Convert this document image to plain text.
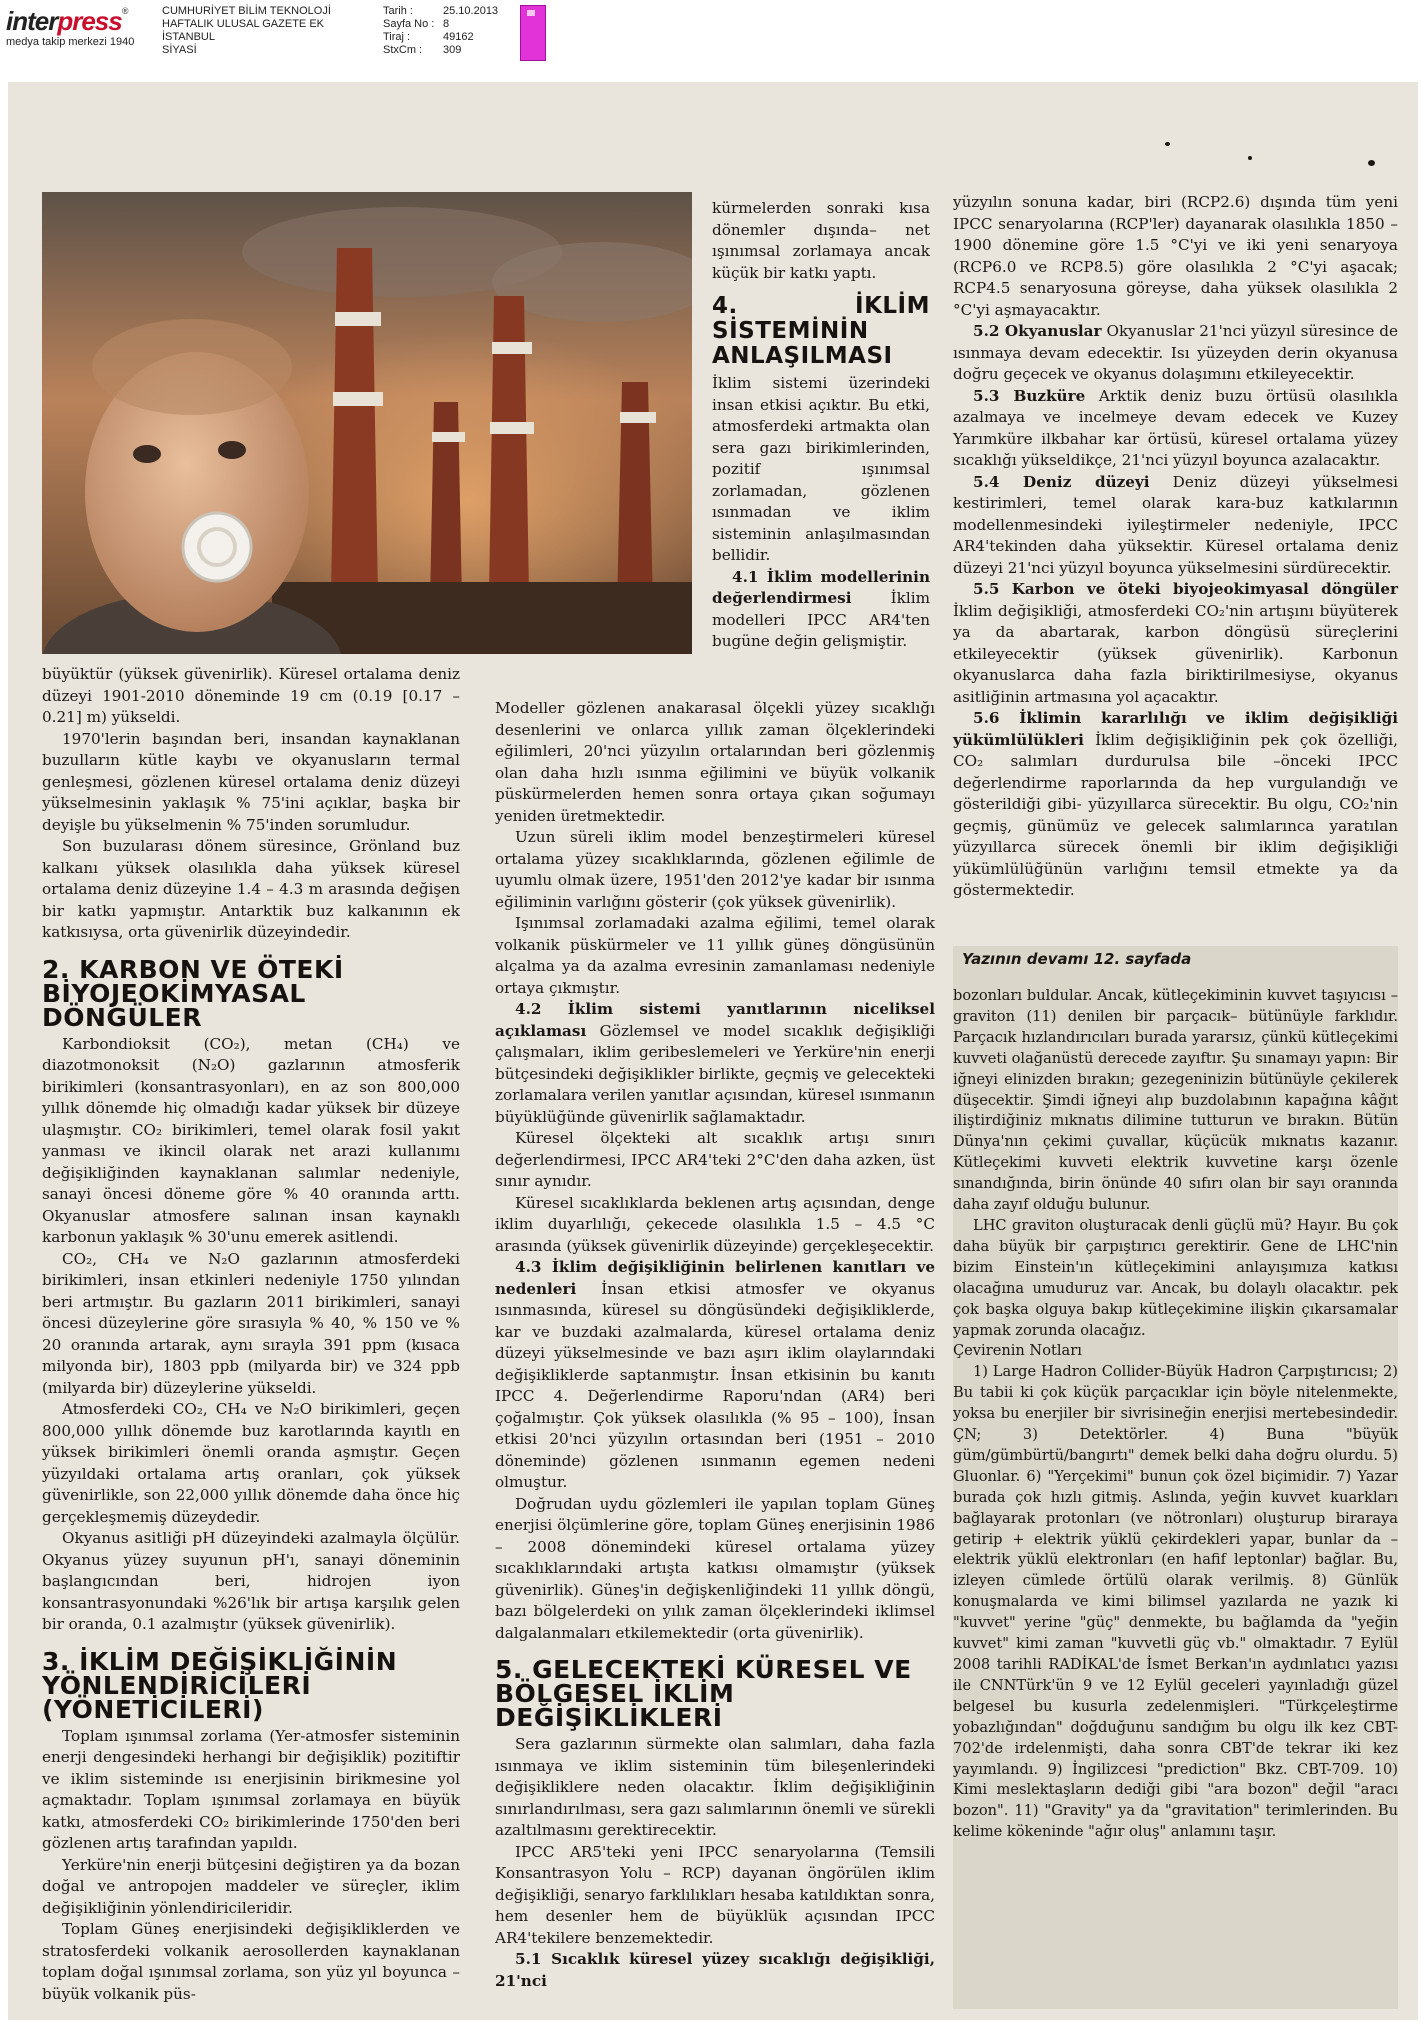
interpress®
medya takip merkezi 1940
CUMHURİYET BİLİM TEKNOLOJİ
HAFTALIK ULUSAL GAZETE EK
İSTANBUL
SİYASİ
Tarih :
Sayfa No :
Tiraj :
StxCm :
25.10.2013
8
49162
309

büyüktür (yüksek güvenirlik). Küresel ortalama deniz düzeyi 1901-2010 döneminde 19 cm (0.19 [0.17 – 0.21] m) yükseldi.

1970'lerin başından beri, insandan kaynaklanan buzulların kütle kaybı ve okyanusların termal genleşmesi, gözlenen küresel ortalama deniz düzeyi yükselmesinin yaklaşık % 75'ini açıklar, başka bir deyişle bu yükselmenin % 75'inden sorumludur.

Son buzularası dönem süresince, Grönland buz kalkanı yüksek olasılıkla daha yüksek küresel ortalama deniz düzeyine 1.4 – 4.3 m arasında değişen bir katkı yapmıştır. Antarktik buz kalkanının ek katkısıysa, orta güvenirlik düzeyindedir.

2. KARBON VE ÖTEKİ BİYOJEOKİMYASAL DÖNGÜLER

Karbondioksit (CO₂), metan (CH₄) ve diazotmonoksit (N₂O) gazlarının atmosferik birikimleri (konsantrasyonları), en az son 800,000 yıllık dönemde hiç olmadığı kadar yüksek bir düzeye ulaşmıştır. CO₂ birikimleri, temel olarak fosil yakıt yanması ve ikincil olarak net arazi kullanımı değişikliğinden kaynaklanan salımlar nedeniyle, sanayi öncesi döneme göre % 40 oranında arttı. Okyanuslar atmosfere salınan insan kaynaklı karbonun yaklaşık % 30'unu emerek asitlendi.

CO₂, CH₄ ve N₂O gazlarının atmosferdeki birikimleri, insan etkinleri nedeniyle 1750 yılından beri artmıştır. Bu gazların 2011 birikimleri, sanayi öncesi düzeylerine göre sırasıyla % 40, % 150 ve % 20 oranında artarak, aynı sırayla 391 ppm (kısaca milyonda bir), 1803 ppb (milyarda bir) ve 324 ppb (milyarda bir) düzeylerine yükseldi.

Atmosferdeki CO₂, CH₄ ve N₂O birikimleri, geçen 800,000 yıllık dönemde buz karotlarında kayıtlı en yüksek birikimleri önemli oranda aşmıştır. Geçen yüzyıldaki ortalama artış oranları, çok yüksek güvenirlikle, son 22,000 yıllık dönemde daha önce hiç gerçekleşmemiş düzeydedir.

Okyanus asitliği pH düzeyindeki azalmayla ölçülür. Okyanus yüzey suyunun pH'ı, sanayi döneminin başlangıcından beri, hidrojen iyon konsantrasyonundaki %26'lık bir artışa karşılık gelen bir oranda, 0.1 azalmıştır (yüksek güvenirlik).

3. İKLİM DEĞİŞİKLİĞİNİN YÖNLENDİRİCİLERİ (YÖNETİCİLERİ)

Toplam ışınımsal zorlama (Yer-atmosfer sisteminin enerji dengesindeki herhangi bir değişiklik) pozitiftir ve iklim sisteminde ısı enerjisinin birikmesine yol açmaktadır. Toplam ışınımsal zorlamaya en büyük katkı, atmosferdeki CO₂ birikimlerinde 1750'den beri gözlenen artış tarafından yapıldı.

Yerküre'nin enerji bütçesini değiştiren ya da bozan doğal ve antropojen maddeler ve süreçler, iklim değişikliğinin yönlendiricileridir.

Toplam Güneş enerjisindeki değişikliklerden ve stratosferdeki volkanik aerosollerden kaynaklanan toplam doğal ışınımsal zorlama, son yüz yıl boyunca –büyük volkanik püs-

kürmelerden sonraki kısa dönemler dışında– net ışınımsal zorlamaya ancak küçük bir katkı yaptı.

4. İKLİM SİSTEMİNİN ANLAŞILMASI

İklim sistemi üzerindeki insan etkisi açıktır. Bu etki, atmosferdeki artmakta olan sera gazı birikimlerinden, pozitif ışınımsal zorlamadan, gözlenen ısınmadan ve iklim sisteminin anlaşılmasından bellidir.

4.1 İklim modellerinin değerlendirmesi	İklim modelleri IPCC AR4'ten bugüne değin gelişmiştir.

Modeller gözlenen anakarasal ölçekli yüzey sıcaklığı desenlerini ve onlarca yıllık zaman ölçeklerindeki eğilimleri, 20'nci yüzyılın ortalarından beri gözlenmiş olan daha hızlı ısınma eğilimini ve büyük volkanik püskürmelerden hemen sonra ortaya çıkan soğumayı yeniden üretmektedir.

Uzun süreli iklim model benzeştirmeleri küresel ortalama yüzey sıcaklıklarında, gözlenen eğilimle de uyumlu olmak üzere, 1951'den 2012'ye kadar bir ısınma eğiliminin varlığını gösterir (çok yüksek güvenirlik).

Işınımsal zorlamadaki azalma eğilimi, temel olarak volkanik püskürmeler ve 11 yıllık güneş döngüsünün alçalma ya da azalma evresinin zamanlaması nedeniyle ortaya çıkmıştır.

4.2 İklim sistemi yanıtlarının niceliksel açıklaması Gözlemsel ve model sıcaklık değişikliği çalışmaları, iklim geribeslemeleri ve Yerküre'nin enerji bütçesindeki değişiklikler birlikte, geçmiş ve gelecekteki zorlamalara verilen yanıtlar açısından, küresel ısınmanın büyüklüğünde güvenirlik sağlamaktadır.

Küresel ölçekteki alt sıcaklık artışı sınırı değerlendirmesi, IPCC AR4'teki 2°C'den daha azken, üst sınır aynıdır.

Küresel sıcaklıklarda beklenen artış açısından, denge iklim duyarlılığı, çekecede olasılıkla 1.5 – 4.5 °C arasında (yüksek güvenirlik düzeyinde) gerçekleşecektir.

4.3 İklim değişikliğinin belirlenen kanıtları ve nedenleri İnsan etkisi atmosfer ve okyanus ısınmasında, küresel su döngüsündeki değişikliklerde, kar ve buzdaki azalmalarda, küresel ortalama deniz düzeyi yükselmesinde ve bazı aşırı iklim olaylarındaki değişikliklerde saptanmıştır. İnsan etkisinin bu kanıtı IPCC 4. Değerlendirme Raporu'ndan (AR4) beri çoğalmıştır. Çok yüksek olasılıkla (% 95 – 100), İnsan etkisi 20'nci yüzyılın ortasından beri (1951 – 2010 döneminde) gözlenen ısınmanın egemen nedeni olmuştur.

Doğrudan uydu gözlemleri ile yapılan toplam Güneş enerjisi ölçümlerine göre, toplam Güneş enerjisinin 1986 – 2008 dönemindeki küresel ortalama yüzey sıcaklıklarındaki artışta katkısı olmamıştır (yüksek güvenirlik). Güneş'in değişkenliğindeki 11 yıllık döngü, bazı bölgelerdeki on yılık zaman ölçeklerindeki iklimsel dalgalanmaları etkilemektedir (orta güvenirlik).

5. GELECEKTEKİ KÜRESEL VE BÖLGESEL İKLİM DEĞİŞİKLİKLERİ

Sera gazlarının sürmekte olan salımları, daha fazla ısınmaya ve iklim sisteminin tüm bileşenlerindeki değişikliklere neden olacaktır. İklim değişikliğinin sınırlandırılması, sera gazı salımlarının önemli ve sürekli azaltılmasını gerektirecektir.

IPCC AR5'teki yeni IPCC senaryolarına (Temsili Konsantrasyon Yolu – RCP) dayanan öngörülen iklim değişikliği, senaryo farklılıkları hesaba katıldıktan sonra, hem desenler hem de büyüklük açısından IPCC AR4'tekilere benzemektedir.

5.1 Sıcaklık küresel yüzey sıcaklığı değişikliği, 21'nci

yüzyılın sonuna kadar, biri (RCP2.6) dışında tüm yeni IPCC senaryolarına (RCP'ler) dayanarak olasılıkla 1850 – 1900 dönemine göre 1.5 °C'yi ve iki yeni senaryoya (RCP6.0 ve RCP8.5) göre olasılıkla 2 °C'yi aşacak; RCP4.5 senaryosuna göreyse, daha yüksek olasılıkla 2 °C'yi aşmayacaktır.

5.2 Okyanuslar Okyanuslar 21'nci yüzyıl süresince de ısınmaya devam edecektir. Isı yüzeyden derin okyanusa doğru geçecek ve okyanus dolaşımını etkileyecektir.

5.3 Buzküre Arktik deniz buzu örtüsü olasılıkla azalmaya ve incelmeye devam edecek ve Kuzey Yarımküre ilkbahar kar örtüsü, küresel ortalama yüzey sıcaklığı yükseldikçe, 21'nci yüzyıl boyunca azalacaktır.

5.4 Deniz düzeyi Deniz düzeyi yükselmesi kestirimleri, temel olarak kara-buz katkılarının modellenmesindeki iyileştirmeler nedeniyle, IPCC AR4'tekinden daha yüksektir. Küresel ortalama deniz düzeyi 21'nci yüzyıl boyunca yükselmesini sürdürecektir.

5.5 Karbon ve öteki biyojeokimyasal döngüler İklim değişikliği, atmosferdeki CO₂'nin artışını büyüterek ya da abartarak, karbon döngüsü süreçlerini etkileyecektir (yüksek güvenirlik). Karbonun okyanuslarca daha fazla biriktirilmesiyse, okyanus asitliğinin artmasına yol açacaktır.

5.6 İklimin kararlılığı ve iklim değişikliği yükümlülükleri İklim değişikliğinin pek çok özelliği, CO₂ salımları durdurulsa bile –önceki IPCC değerlendirme raporlarında da hep vurgulandığı ve gösterildiği gibi- yüzyıllarca sürecektir. Bu olgu, CO₂'nin geçmiş, günümüz ve gelecek salımlarınca yaratılan yüzyıllarca sürecek önemli bir iklim değişikliği yükümlülüğünün varlığını temsil etmekte ya da göstermektedir.

Yazının devamı 12. sayfada

bozonları buldular. Ancak, kütleçekiminin kuvvet taşıyıcısı –graviton (11) denilen bir parçacık– bütünüyle farklıdır. Parçacık hızlandırıcıları burada yararsız, çünkü kütleçekimi kuvveti olağanüstü derecede zayıftır. Şu sınamayı yapın: Bir iğneyi elinizden bırakın; gezegeninizin bütünüyle çekilerek düşecektir. Şimdi iğneyi alıp buzdolabının kapağına kâğıt iliştirdiğiniz mıknatıs dilimine tutturun ve bırakın. Bütün Dünya'nın çekimi çuvallar, küçücük mıknatıs kazanır. Kütleçekimi kuvveti elektrik kuvvetine karşı özenle sınandığında, birin önünde 40 sıfırı olan bir sayı oranında daha zayıf olduğu bulunur.

LHC graviton oluşturacak denli güçlü mü? Hayır. Bu çok daha büyük bir çarpıştırıcı gerektirir. Gene de LHC'nin bizim Einstein'ın kütleçekimini anlayışımıza katkısı olacağına umuduruz var. Ancak, bu dolaylı olacaktır. pek çok başka olguya bakıp kütleçekimine ilişkin çıkarsamalar yapmak zorunda olacağız.

Çevirenin Notları

1) Large Hadron Collider-Büyük Hadron Çarpıştırıcısı; 2) Bu tabii ki çok küçük parçacıklar için böyle nitelenmekte, yoksa bu enerjiler bir sivrisineğin enerjisi mertebesindedir. ÇN; 3) Detektörler. 4) Buna "büyük güm/gümbürtü/bangırtı" demek belki daha doğru olurdu. 5) Gluonlar. 6) "Yerçekimi" bunun çok özel biçimidir. 7) Yazar burada çok hızlı gitmiş. Aslında, yeğin kuvvet kuarkları bağlayarak protonları (ve nötronları) oluşturup biraraya getirip + elektrik yüklü çekirdekleri yapar, bunlar da – elektrik yüklü elektronları (en hafif leptonlar) bağlar. Bu, izleyen cümlede örtülü olarak verilmiş. 8) Günlük konuşmalarda ve kimi bilimsel yazılarda ne yazık ki "kuvvet" yerine "güç" denmekte, bu bağlamda da "yeğin kuvvet" kimi zaman "kuvvetli güç vb." olmaktadır. 7 Eylül 2008 tarihli RADİKAL'de İsmet Berkan'ın aydınlatıcı yazısı ile CNNTürk'ün 9 ve 12 Eylül geceleri yayınladığı güzel belgesel bu kusurla zedelenmişleri. "Türkçeleştirme yobazlığından" doğduğunu sandığım bu olgu ilk kez CBT-702'de irdelenmişti, daha sonra CBT'de tekrar iki kez yayımlandı. 9) İngilizcesi "prediction" Bkz. CBT-709. 10) Kimi meslektaşların dediği gibi "ara bozon" değil "aracı bozon". 11) "Gravity" ya da "gravitation" terimlerinden. Bu kelime kökeninde "ağır oluş" anlamını taşır.
